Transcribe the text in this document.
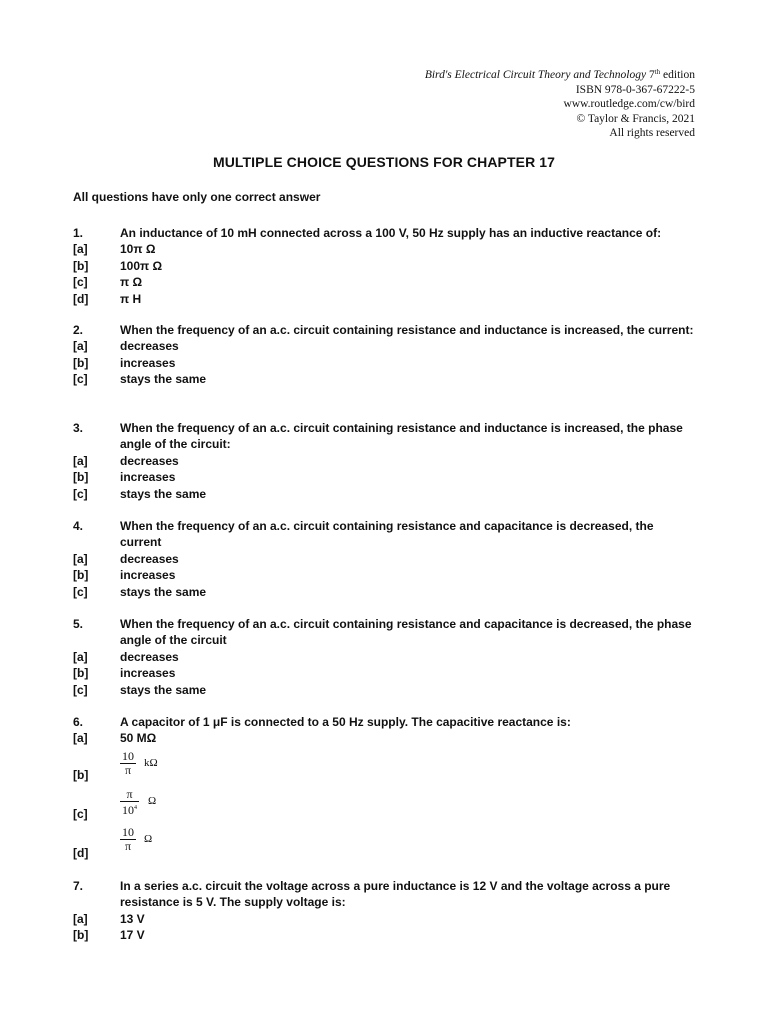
Bird's Electrical Circuit Theory and Technology 7th edition
ISBN 978-0-367-67222-5
www.routledge.com/cw/bird
© Taylor & Francis, 2021
All rights reserved
MULTIPLE CHOICE QUESTIONS FOR CHAPTER 17
All questions have only one correct answer
1.	An inductance of 10 mH connected across a 100 V, 50 Hz supply has an inductive reactance of:
[a]	10π Ω
[b]	100π Ω
[c]	π Ω
[d]	π H
2.	When the frequency of an a.c. circuit containing resistance and inductance is increased, the current:
[a]	decreases
[b]	increases
[c]	stays the same
3.	When the frequency of an a.c. circuit containing resistance and inductance is increased, the phase angle of the circuit:
[a]	decreases
[b]	increases
[c]	stays the same
4.	When the frequency of an a.c. circuit containing resistance and capacitance is decreased, the current
[a]	decreases
[b]	increases
[c]	stays the same
5.	When the frequency of an a.c. circuit containing resistance and capacitance is decreased, the phase angle of the circuit
[a]	decreases
[b]	increases
[c]	stays the same
6.	A capacitor of 1 μF is connected to a 50 Hz supply. The capacitive reactance is:
[a]	50 MΩ
[b]
10
π	kΩ
[c]
π
$10^4$
Ω
[d]
10
π	Ω
7.	In a series a.c. circuit the voltage across a pure inductance is 12 V and the voltage across a pure resistance is 5 V. The supply voltage is:
[a]	13 V
[b]	17 V
